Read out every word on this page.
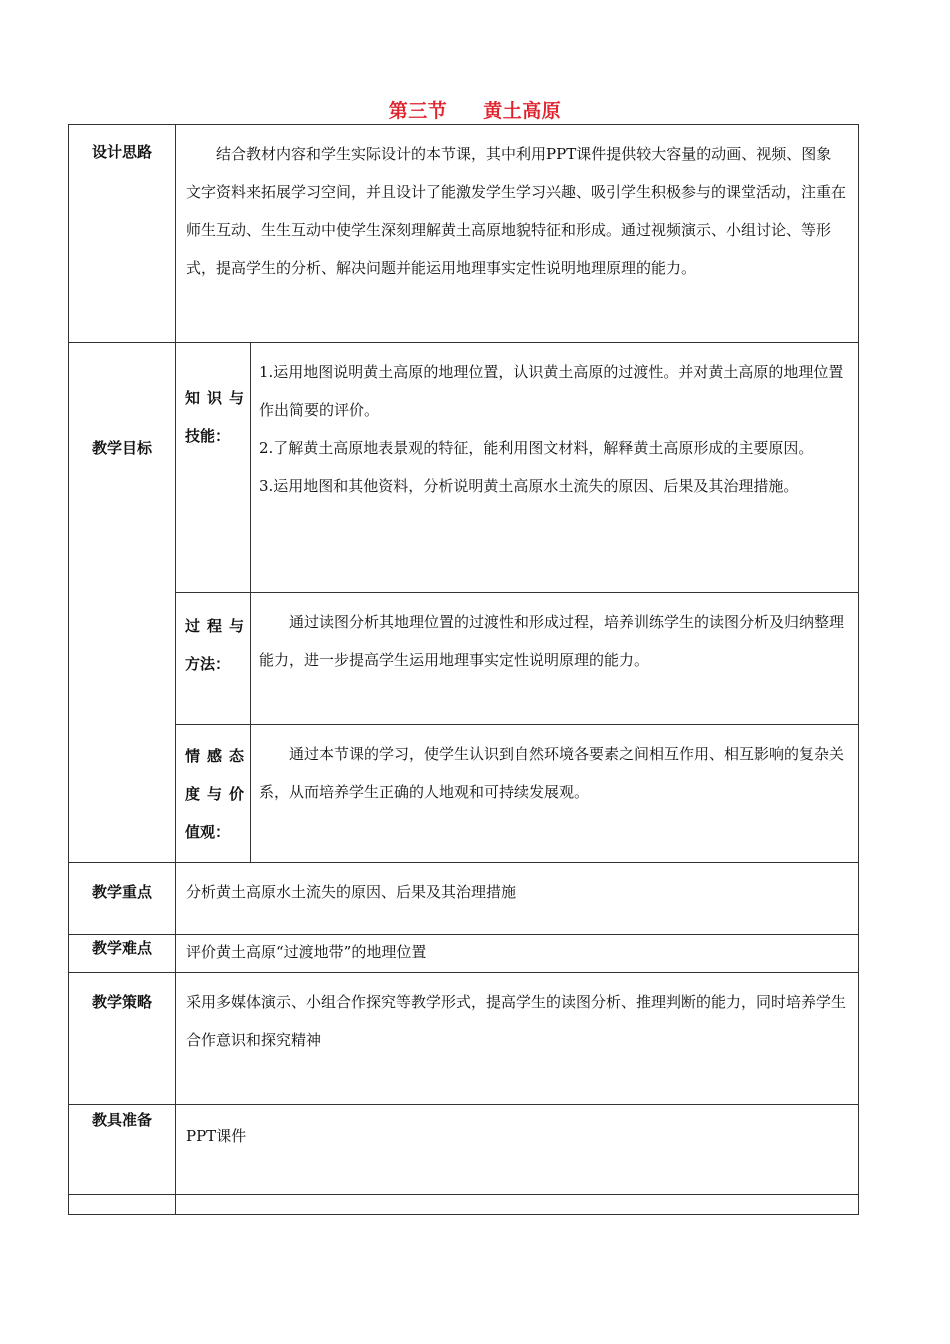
第三节 黄土高原
设计思路	结合教材内容和学生实际设计的本节课，其中利用PPT课件提供较大容量的动画、视频、图象文字资料来拓展学习空间，并且设计了能激发学生学习兴趣、吸引学生积极参与的课堂活动，注重在师生互动、生生互动中使学生深刻理解黄土高原地貌特征和形成。通过视频演示、小组讨论、等形式，提高学生的分析、解决问题并能运用地理事实定性说明地理原理的能力。	

教学目标	知识与技能：	1.运用地图说明黄土高原的地理位置，认识黄土高原的过渡性。并对黄土高原的地理位置作出简要的评价。

2.了解黄土高原地表景观的特征，能利用图文材料，解释黄土高原形成的主要原因。

3.运用地图和其他资料，分析说明黄土高原水土流失的原因、后果及其治理措施。

	过程与方法：	通过读图分析其地理位置的过渡性和形成过程，培养训练学生的读图分析及归纳整理能力，进一步提高学生运用地理事实定性说明原理的能力。

	情感态度与价值观：	通过本节课的学习，使学生认识到自然环境各要素之间相互作用、相互影响的复杂关系，从而培养学生正确的人地观和可持续发展观。

教学重点	分析黄土高原水土流失的原因、后果及其治理措施	

教学难点	评价黄土高原“过渡地带”的地理位置	

教学策略	采用多媒体演示、小组合作探究等教学形式，提高学生的读图分析、推理判断的能力，同时培养学生合作意识和探究精神	

教具准备	PPT课件	
